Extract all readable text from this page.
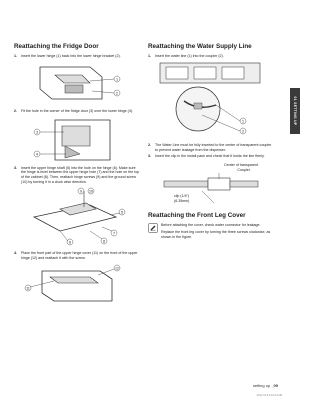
Reattaching the Fridge Door
1.	Insert the lower hinge (1) back into the lower hinge bracket (2).
1
2
2.	Fit the hole in the corner of the fridge door (3) over the lower hinge (4).
3
4
3.	Insert the upper hinge shaft (5) into the hole on the hinge (6). Make sure the hinge is level between the upper hinge hole (7) and the hole on the top of the cabinet (8). Then, reattach hinge screws (9) and the ground screw (10) by turning it in a clock wise direction.
9 10
5
7
8
6
4.	Place the front part of the upper hinge cover (11) on the front of the upper hinge (12) and reattach it with the screw.
11
12
Reattaching the Water Supply Line
1.	Insert the water line (1) into the coupler (2).
1
2
2.	The Water Line must be fully inserted to the center of transparent coupler to prevent water leakage from the dispenser.
3.	Insert the clip in the install pack and check that it holds the line firmly.
Center of transparent
Coupler
clip (1/4")
(6.35mm)
Reattaching the Front Leg Cover
Before attaching the cover, check water connector for leakage.
Replace the front leg cover by turning the three screws clockwise, as shown in the figure.
01 SETTING UP
setting up _09
2012.11.8 3:10:44 AM
